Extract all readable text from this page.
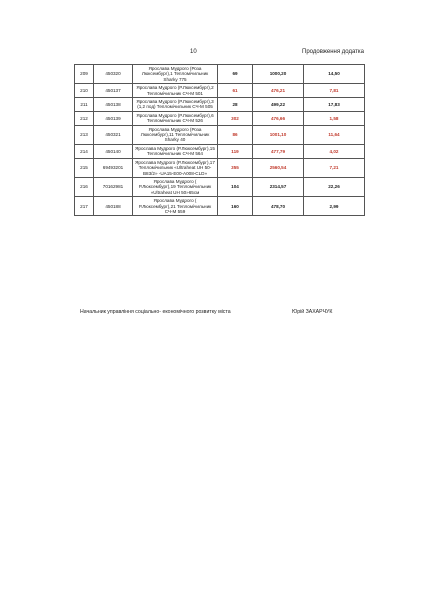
10	Продовження додатка
209	450320	Ярослава Мудрого (Роза Люксембург),1 Тепломічильник Sharky 775	69	1000,20	14,50
210	450137	Ярослава Мудрого (Р.Люксембург),2 Тепломічильник СЧ-М 501	61	476,21	7,81
211	450138	Ярослава Мудрого (Р.Люксембург),3 (1,2 под) Тепломічильник СЧ-М 505	28	499,22	17,83
212	450139	Ярослава Мудрого (Р.Люксембург),6 Тепломічильник СЧ-М 526	302	476,66	1,58
213	450321	Ярослава Мудрого (Роза Люксембург),11 Тепломічильник Sharky 40	86	1001,10	11,64
214	450140	Ярослава Мудрого (Р.Люксембург),15 Тепломічильник СЧ-М 564	119	477,79	4,02
215	69493201	Ярослава Мудрого (Р.Люксембург),17 Тепломічильник «Ultraheat UH 50-B83/2» -UA15-E00-A008-CLD»	355	2560,54	7,21
216	70162981	Ярослава Мудрого ( Р.Люксембург),19 Тепломічильник «Ultraheat UH 50»65см	104	2314,57	22,26
217	450188	Ярослава Мудрого ( Р.Люксембург),21 Тепломічильник СЧ-М 559	160	478,70	2,99
Начальник управління соціально- економічного розвитку міста	Юрій ЗАХАРЧУК
